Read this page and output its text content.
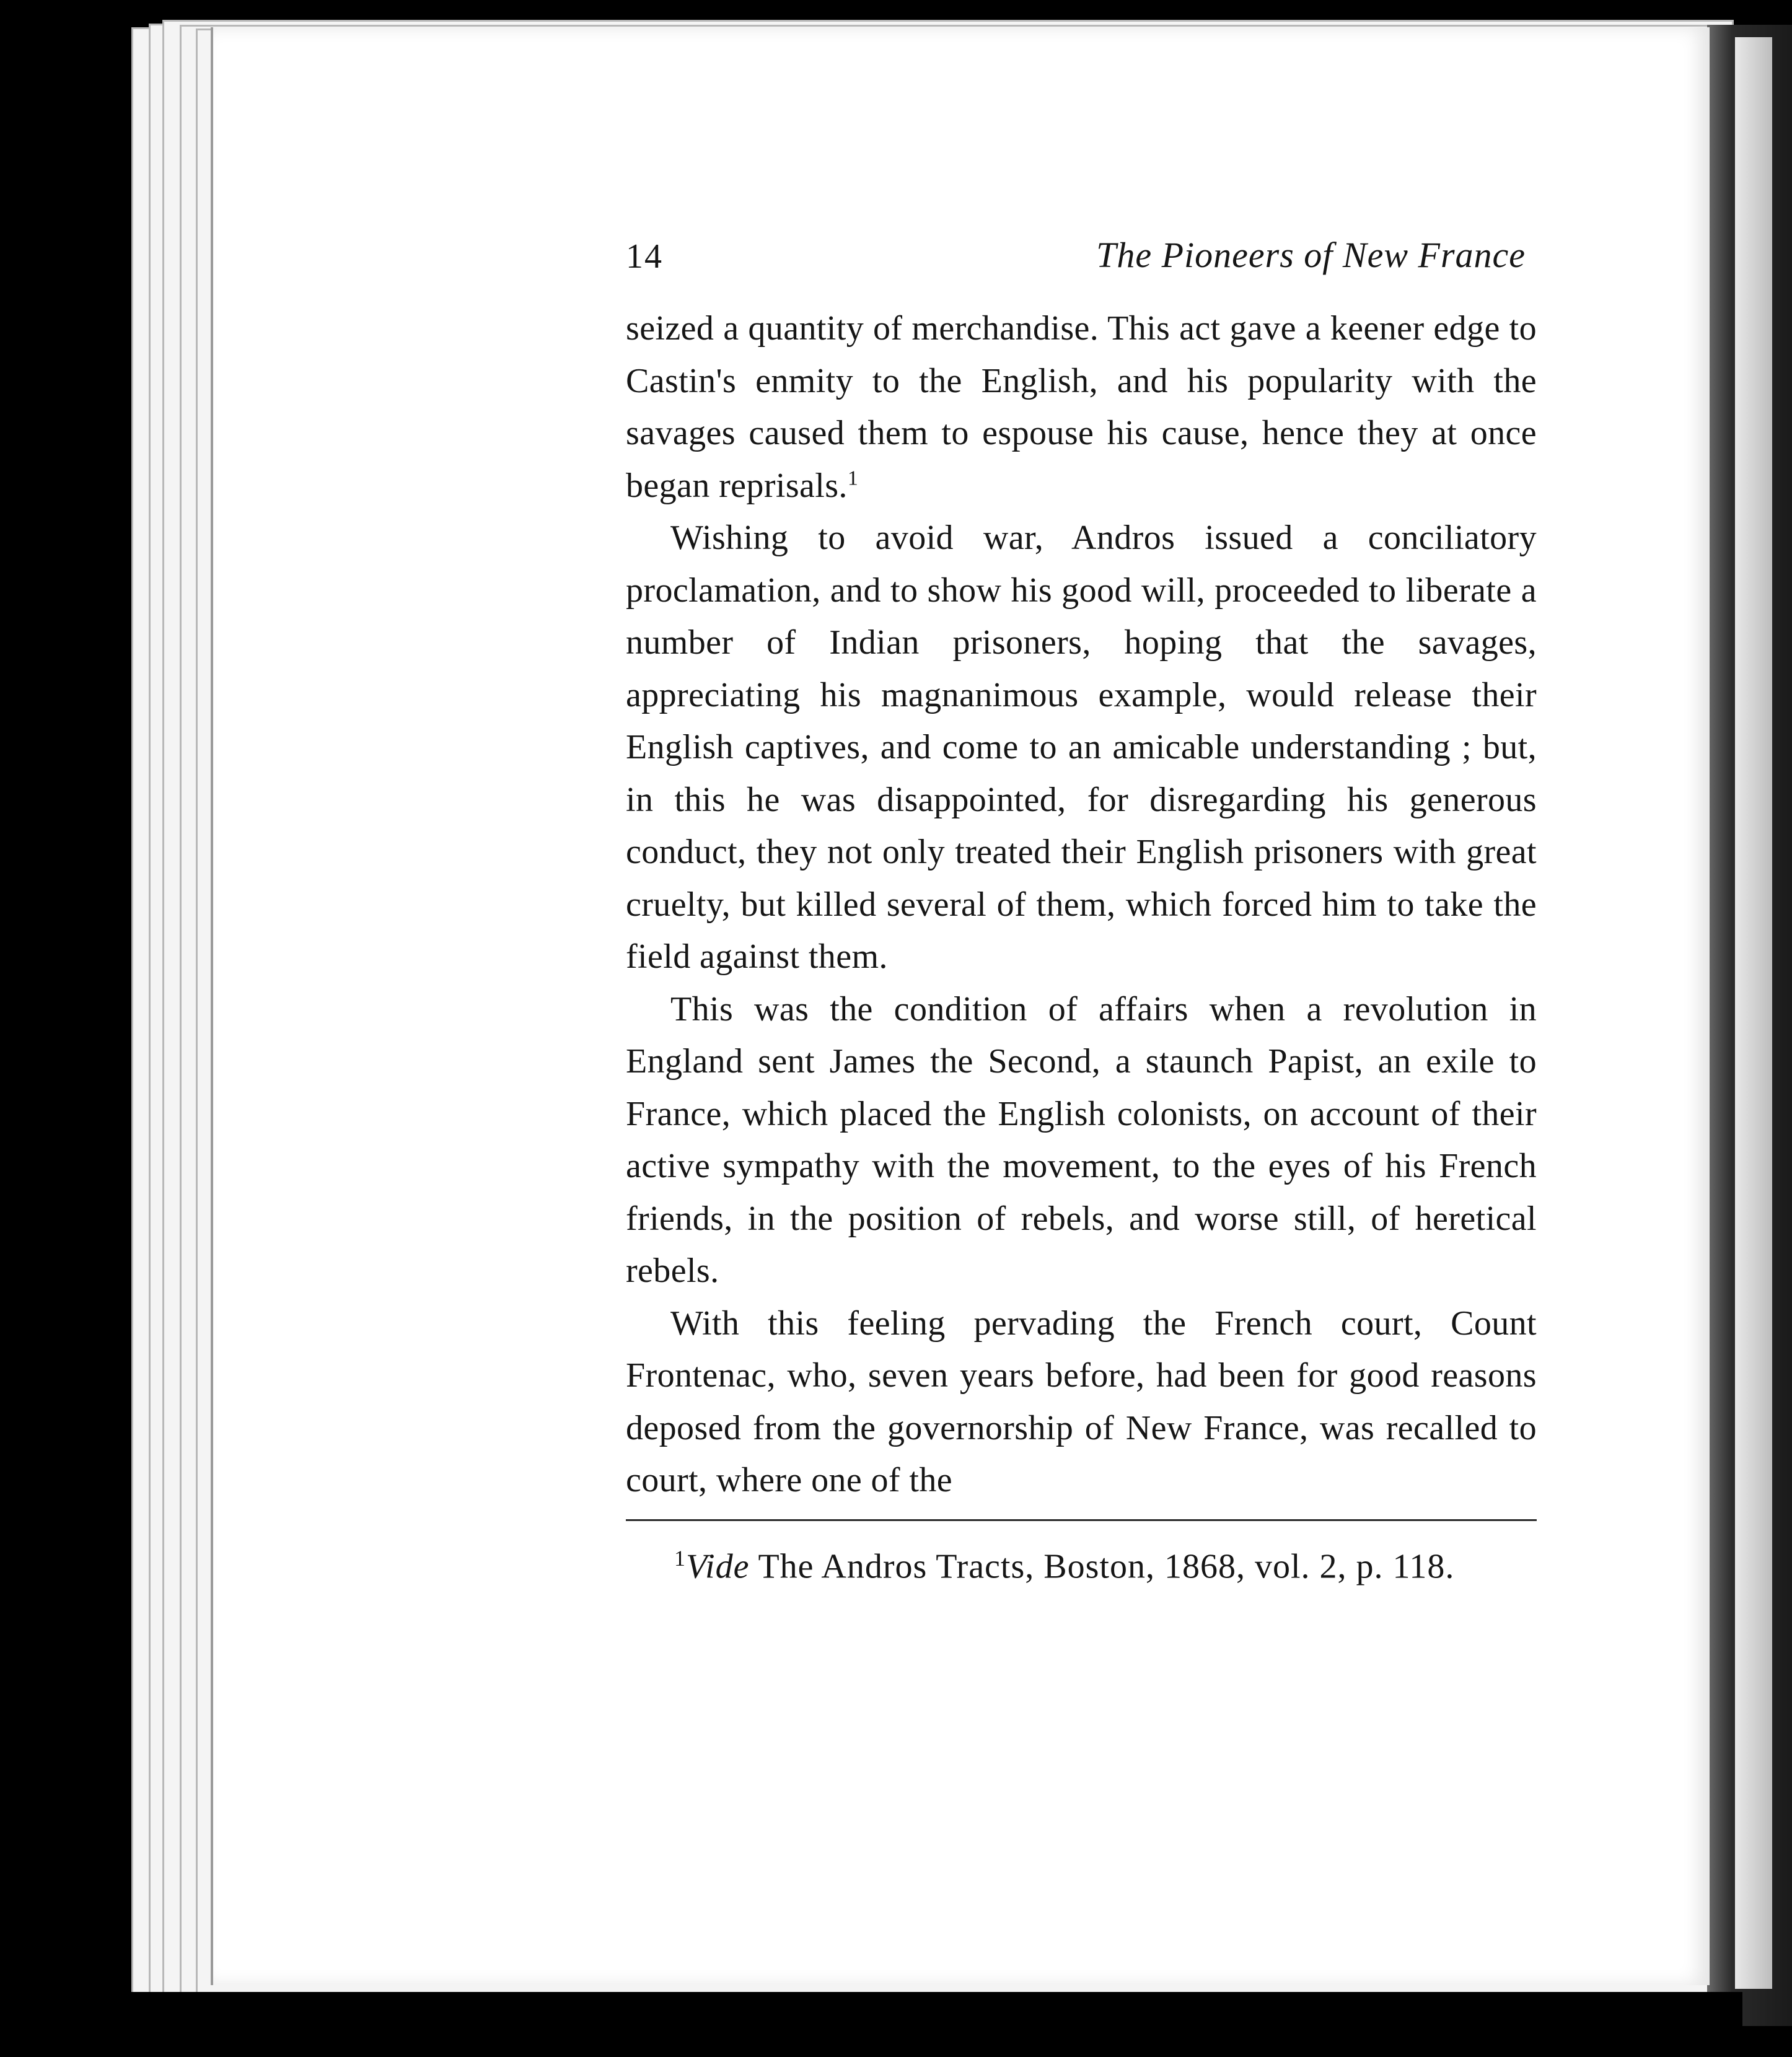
14	The Pioneers of New France

seized a quantity of merchandise. This act gave a keener edge to Castin's enmity to the English, and his popularity with the savages caused them to espouse his cause, hence they at once began reprisals.$^1$

Wishing to avoid war, Andros issued a conciliatory proclamation, and to show his good will, proceeded to liberate a number of Indian prisoners, hoping that the savages, appreciating his magnanimous example, would release their English captives, and come to an amicable understanding ; but, in this he was disappointed, for disregarding his generous conduct, they not only treated their English prisoners with great cruelty, but killed several of them, which forced him to take the field against them.

This was the condition of affairs when a revolution in England sent James the Second, a staunch Papist, an exile to France, which placed the English colonists, on account of their active sympathy with the movement, to the eyes of his French friends, in the position of rebels, and worse still, of heretical rebels.

With this feeling pervading the French court, Count Frontenac, who, seven years before, had been for good reasons deposed from the governorship of New France, was recalled to court, where one of the

$^1$Vide The Andros Tracts, Boston, 1868, vol. 2, p. 118.
